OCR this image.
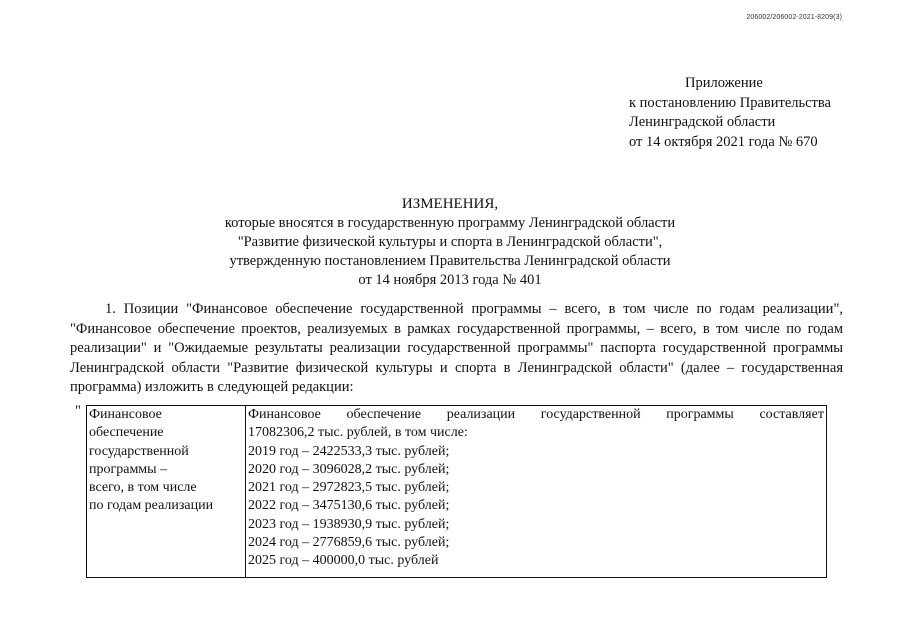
206002/206002-2021-8209(3)
Приложение
к постановлению Правительства
Ленинградской области
от 14 октября 2021 года № 670
ИЗМЕНЕНИЯ,
которые вносятся в государственную программу Ленинградской области
"Развитие физической культуры и спорта в Ленинградской области",
утвержденную постановлением Правительства Ленинградской области
от 14 ноября 2013 года № 401
1. Позиции "Финансовое обеспечение государственной программы – всего, в том числе по годам реализации", "Финансовое обеспечение проектов, реализуемых в рамках государственной программы, – всего, в том числе по годам реализации" и "Ожидаемые результаты реализации государственной программы" паспорта государственной программы Ленинградской области "Развитие физической культуры и спорта в Ленинградской области" (далее – государственная программа) изложить в следующей редакции:
" Финансовое
обеспечение
государственной
программы –
всего, в том числе
по годам реализации

Финансовое обеспечение реализации государственной программы составляет
17082306,2 тыс. рублей, в том числе:
2019 год – 2422533,3 тыс. рублей;
2020 год – 3096028,2 тыс. рублей;
2021 год – 2972823,5 тыс. рублей;
2022 год – 3475130,6 тыс. рублей;
2023 год – 1938930,9 тыс. рублей;
2024 год – 2776859,6 тыс. рублей;
2025 год – 400000,0 тыс. рублей
